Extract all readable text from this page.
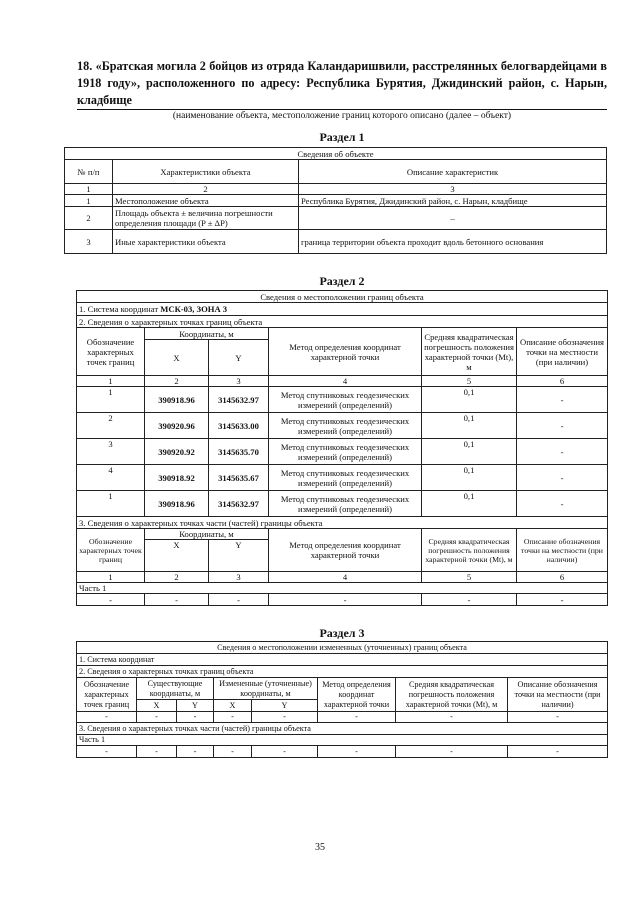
18. «Братская могила 2 бойцов из отряда Каландаришвили, расстрелянных белогвардейцами в 1918 году», расположенного по адресу: Республика Бурятия, Джидинский район, с. Нарын, кладбище
(наименование объекта, местоположение границ которого описано (далее – объект)
Раздел 1
Сведения об объекте		
№ п/п	Характеристики объекта	Описание характеристик
1	2	3
1	Местоположение объекта	Республика Бурятия, Джидинский район, с. Нарын, кладбище
2	Площадь объекта ± величина погрешности определения площади (P ± ΔP)	–
3	Иные характеристики объекта	граница территории объекта проходит вдоль бетонного основания
Раздел 2
Сведения о местоположении границ объекта					
1. Система координат МСК-03, ЗОНА 3					
2. Сведения о характерных точках границ объекта					
Обозначение характерных точек границ	Координаты, м		Метод определения координат характерной точки	Средняя квадратическая погрешность положения характерной точки (Mt), м	Описание обозначения точки на местности (при наличии)
	X	Y			
1	2	3	4	5	6
1	390918.96	3145632.97	Метод спутниковых геодезических измерений (определений)	0,1	-
2	390920.96	3145633.00	Метод спутниковых геодезических измерений (определений)	0,1	-
3	390920.92	3145635.70	Метод спутниковых геодезических измерений (определений)	0,1	-
4	390918.92	3145635.67	Метод спутниковых геодезических измерений (определений)	0,1	-
1	390918.96	3145632.97	Метод спутниковых геодезических измерений (определений)	0,1	-
3. Сведения о характерных точках части (частей) границы объекта					
Обозначение характерных точек границ	Координаты, м		Метод определения координат характерной точки	Средняя квадратическая погрешность положения характерной точки (Mt), м	Описание обозначения точки на местности (при наличии)
	X	Y			
1	2	3	4	5	6
Часть 1					
-	-	-	-	-	-
Раздел 3
Сведения о местоположении измененных (уточненных) границ объекта							
1. Система координат							
2. Сведения о характерных точках границ объекта							
Обозначение характерных точек границ	Существующие координаты, м		Измененные (уточненные) координаты, м		Метод определения координат характерной точки	Средняя квадратическая погрешность положения характерной точки (Mt), м	Описание обозначения точки на местности (при наличии)
	X	Y	X	Y			
-	-	-	-	-	-	-	-
3. Сведения о характерных точках части (частей) границы объекта							
Часть 1							
-	-	-	-	-	-	-	-
35
